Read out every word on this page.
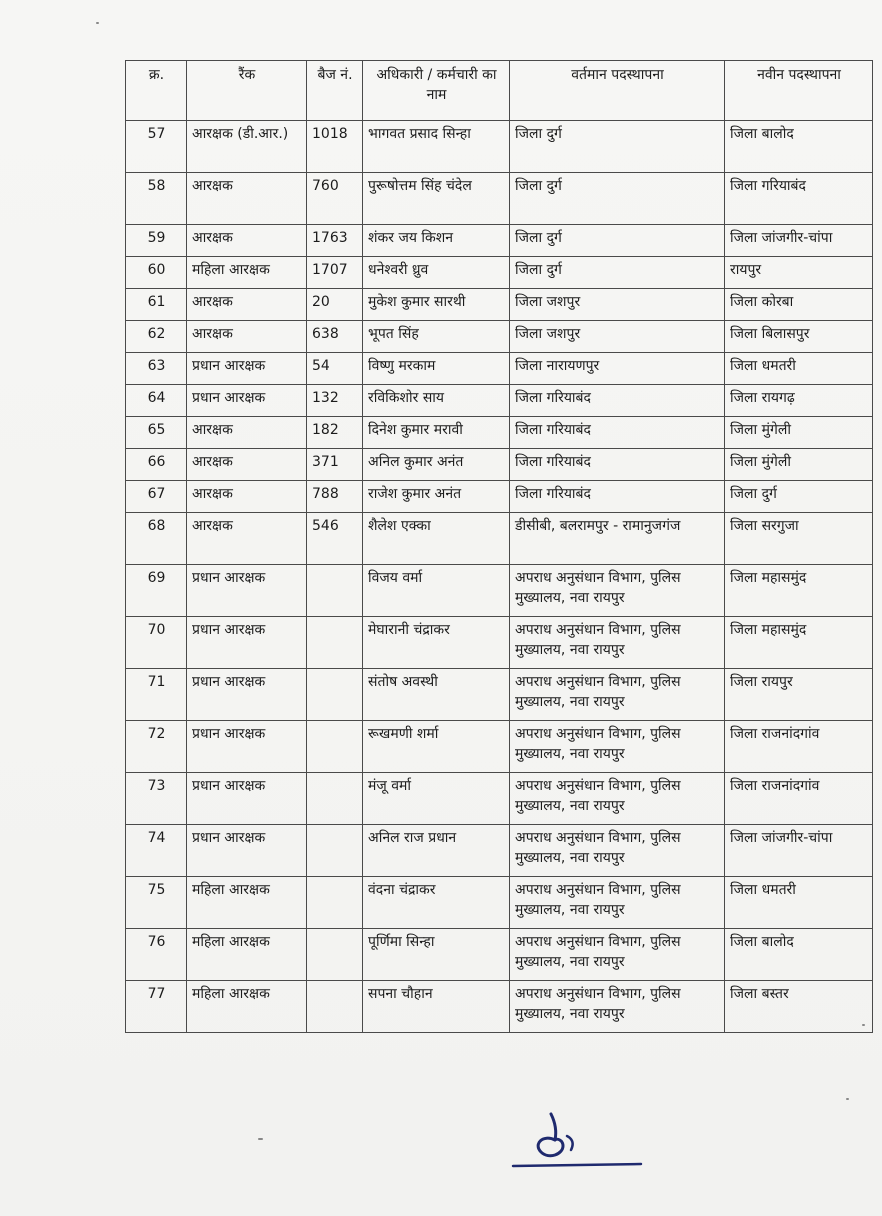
क्र.	रैंक	बैज नं.	अधिकारी / कर्मचारी का नाम	वर्तमान पदस्थापना	नवीन पदस्थापना
57	आरक्षक (डी.आर.)	1018	भागवत प्रसाद सिन्हा	जिला दुर्ग	जिला बालोद
58	आरक्षक	760	पुरूषोत्तम सिंह चंदेल	जिला दुर्ग	जिला गरियाबंद
59	आरक्षक	1763	शंकर जय किशन	जिला दुर्ग	जिला जांजगीर-चांपा
60	महिला आरक्षक	1707	धनेश्वरी ध्रुव	जिला दुर्ग	रायपुर
61	आरक्षक	20	मुकेश कुमार सारथी	जिला जशपुर	जिला कोरबा
62	आरक्षक	638	भूपत सिंह	जिला जशपुर	जिला बिलासपुर
63	प्रधान आरक्षक	54	विष्णु मरकाम	जिला नारायणपुर	जिला धमतरी
64	प्रधान आरक्षक	132	रविकिशोर साय	जिला गरियाबंद	जिला रायगढ़
65	आरक्षक	182	दिनेश कुमार मरावी	जिला गरियाबंद	जिला मुंगेली
66	आरक्षक	371	अनिल कुमार अनंत	जिला गरियाबंद	जिला मुंगेली
67	आरक्षक	788	राजेश कुमार अनंत	जिला गरियाबंद	जिला दुर्ग
68	आरक्षक	546	शैलेश एक्का	डीसीबी, बलरामपुर - रामानुजगंज	जिला सरगुजा
69	प्रधान आरक्षक		विजय वर्मा	अपराध अनुसंधान विभाग, पुलिस मुख्यालय, नवा रायपुर	जिला महासमुंद
70	प्रधान आरक्षक		मेघारानी चंद्राकर	अपराध अनुसंधान विभाग, पुलिस मुख्यालय, नवा रायपुर	जिला महासमुंद
71	प्रधान आरक्षक		संतोष अवस्थी	अपराध अनुसंधान विभाग, पुलिस मुख्यालय, नवा रायपुर	जिला रायपुर
72	प्रधान आरक्षक		रूखमणी शर्मा	अपराध अनुसंधान विभाग, पुलिस मुख्यालय, नवा रायपुर	जिला राजनांदगांव
73	प्रधान आरक्षक		मंजू वर्मा	अपराध अनुसंधान विभाग, पुलिस मुख्यालय, नवा रायपुर	जिला राजनांदगांव
74	प्रधान आरक्षक		अनिल राज प्रधान	अपराध अनुसंधान विभाग, पुलिस मुख्यालय, नवा रायपुर	जिला जांजगीर-चांपा
75	महिला आरक्षक		वंदना चंद्राकर	अपराध अनुसंधान विभाग, पुलिस मुख्यालय, नवा रायपुर	जिला धमतरी
76	महिला आरक्षक		पूर्णिमा सिन्हा	अपराध अनुसंधान विभाग, पुलिस मुख्यालय, नवा रायपुर	जिला बालोद
77	महिला आरक्षक		सपना चौहान	अपराध अनुसंधान विभाग, पुलिस मुख्यालय, नवा रायपुर	जिला बस्तर
